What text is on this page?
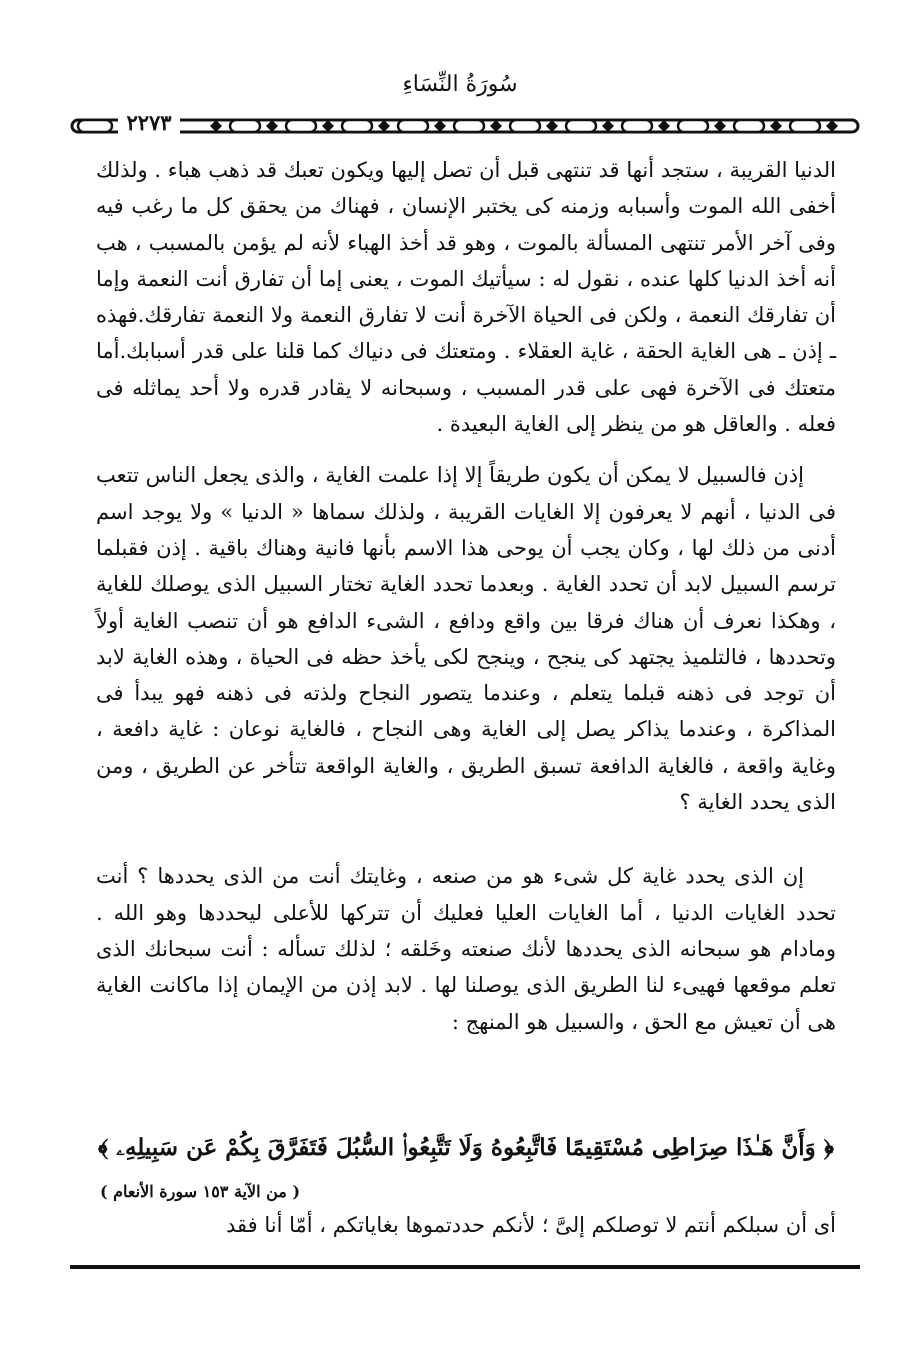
سُورَةُ النِّسَاءِ
٢٢٧٣

الدنيا القريبة ، ستجد أنها قد تنتهى قبل أن تصل إليها ويكون تعبك قد ذهب هباء . ولذلك أخفى الله الموت وأسبابه وزمنه كى يختبر الإنسان ، فهناك من يحقق كل ما رغب فيه وفى آخر الأمر تنتهى المسألة بالموت ، وهو قد أخذ الهباء لأنه لم يؤمن بالمسبب ، هب أنه أخذ الدنيا كلها عنده ، نقول له : سيأتيك الموت ، يعنى إما أن تفارق أنت النعمة وإما أن تفارقك النعمة ، ولكن فى الحياة الآخرة أنت لا تفارق النعمة ولا النعمة تفارقك.فهذه ـ إذن ـ هى الغاية الحقة ، غاية العقلاء . ومتعتك فى دنياك كما قلنا على قدر أسبابك.أما متعتك فى الآخرة فهى على قدر المسبب ، وسبحانه لا يقادر قدره ولا أحد يماثله فى فعله . والعاقل هو من ينظر إلى الغاية البعيدة .

إذن فالسبيل لا يمكن أن يكون طريقاً إلا إذا علمت الغاية ، والذى يجعل الناس تتعب فى الدنيا ، أنهم لا يعرفون إلا الغايات القريبة ، ولذلك سماها « الدنيا » ولا يوجد اسم أدنى من ذلك لها ، وكان يجب أن يوحى هذا الاسم بأنها فانية وهناك باقية . إذن فقبلما ترسم السبيل لابد أن تحدد الغاية . وبعدما تحدد الغاية تختار السبيل الذى يوصلك للغاية ، وهكذا نعرف أن هناك فرقا بين واقع ودافع ، الشىء الدافع هو أن تنصب الغاية أولاً وتحددها ، فالتلميذ يجتهد كى ينجح ، وينجح لكى يأخذ حظه فى الحياة ، وهذه الغاية لابد أن توجد فى ذهنه قبلما يتعلم ، وعندما يتصور النجاح ولذته فى ذهنه فهو يبدأ فى المذاكرة ، وعندما يذاكر يصل إلى الغاية وهى النجاح ، فالغاية نوعان : غاية دافعة ، وغاية واقعة ، فالغاية الدافعة تسبق الطريق ، والغاية الواقعة تتأخر عن الطريق ، ومن الذى يحدد الغاية ؟

إن الذى يحدد غاية كل شىء هو من صنعه ، وغايتك أنت من الذى يحددها ؟ أنت تحدد الغايات الدنيا ، أما الغايات العليا فعليك أن تتركها للأعلى ليحددها وهو الله . ومادام هو سبحانه الذى يحددها لأنك صنعته وخَلقه ؛ لذلك تسأله : أنت سبحانك الذى تعلم موقعها فهيىء لنا الطريق الذى يوصلنا لها . لابد إذن من الإيمان إذا ماكانت الغاية هى أن تعيش مع الحق ، والسبيل هو المنهج :

﴿ وَأَنَّ هَـٰذَا صِرَاطِى مُسْتَقِيمًا فَاتَّبِعُوهُ وَلَا تَتَّبِعُوا۟ السُّبُلَ فَتَفَرَّقَ بِكُمْ عَن سَبِيلِهِۦ ﴾
( من الآية ١٥٣ سورة الأنعام )
أى أن سبلكم أنتم لا توصلكم إلىَّ ؛ لأنكم حددتموها بغاياتكم ، أمّا أنا فقد
